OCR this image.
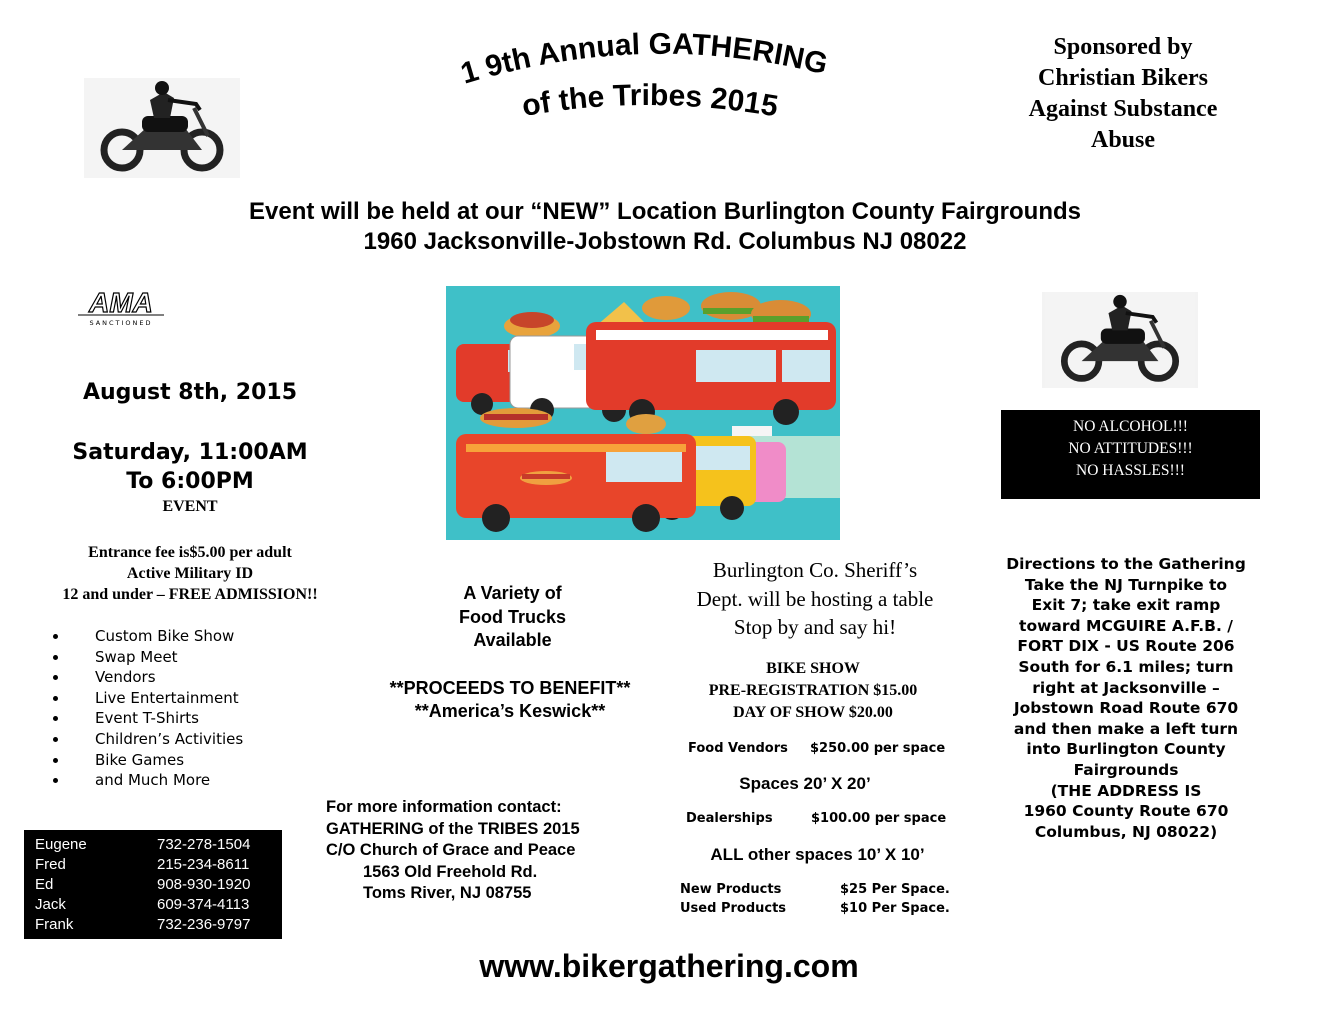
1 9th Annual GATHERING
of the Tribes 2015
Sponsored by
Christian Bikers
Against Substance
Abuse
Event will be held at our “NEW” Location Burlington County Fairgrounds
1960 Jacksonville-Jobstown Rd. Columbus NJ 08022
AMA
SANCTIONED
August 8th, 2015
Saturday, 11:00AM
To 6:00PM
EVENT
Entrance fee is$5.00 per adult
Active Military ID
12 and under – FREE ADMISSION!!
• Custom Bike Show
• Swap Meet
• Vendors
• Live Entertainment
• Event T-Shirts
• Children’s Activities
• Bike Games
• and Much More
Eugene	732-278-1504
Fred	215-234-8611
Ed	908-930-1920
Jack	609-374-4113
Frank	732-236-9797
A Variety of
Food Trucks
Available
**PROCEEDS TO BENEFIT**
**America’s Keswick**
For more information contact:
GATHERING of the TRIBES 2015
C/O Church of Grace and Peace
1563 Old Freehold Rd.
Toms River, NJ 08755
Burlington Co. Sheriff’s
Dept. will be hosting a table
Stop by and say hi!
BIKE SHOW
PRE-REGISTRATION $15.00
DAY OF SHOW $20.00
Food Vendors $250.00 per space
Spaces 20’ X 20’
Dealerships	$100.00 per space
ALL other spaces 10’ X 10’
New Products	$25 Per Space.
Used Products	$10 Per Space.
NO ALCOHOL!!!
NO ATTITUDES!!!
NO HASSLES!!!
Directions to the Gathering
Take the NJ Turnpike to
Exit 7; take exit ramp
toward MCGUIRE A.F.B. /
FORT DIX - US Route 206
South for 6.1 miles; turn
right at Jacksonville –
Jobstown Road Route 670
and then make a left turn
into Burlington County
Fairgrounds
(THE ADDRESS IS
1960 County Route 670
Columbus, NJ 08022)
www.bikergathering.com
